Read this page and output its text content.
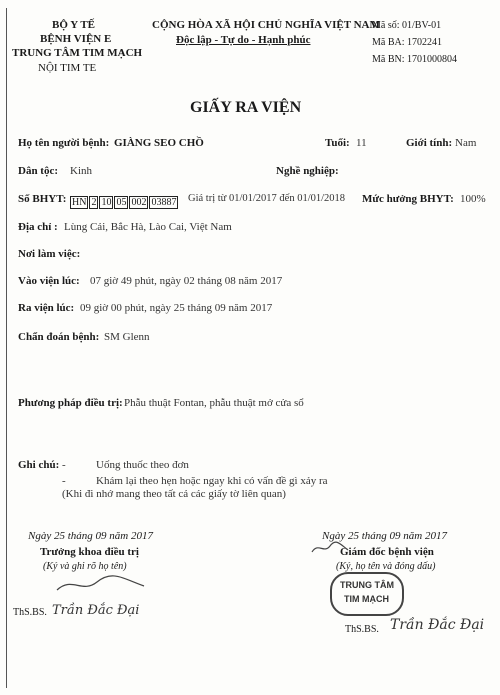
BỘ Y TẾ
BỆNH VIỆN E
TRUNG TÂM TIM MẠCH
NỘI TIM TE
CỘNG HÒA XÃ HỘI CHỦ NGHĨA VIỆT NAM
Độc lập - Tự do - Hạnh phúc
Mã số: 01/BV-01
Mã BA: 1702241
Mã BN: 1701000804
GIẤY RA VIỆN
Họ tên người bệnh: GIÀNG SEO CHỒ	Tuổi: 11	Giới tính: Nam
Dân tộc: Kinh	Nghề nghiệp:
Số BHYT: HN 2 10 05 002 03887 Giá trị từ 01/01/2017 đến 01/01/2018 Mức hưởng BHYT: 100%
Địa chỉ : Lùng Cải, Bắc Hà, Lào Cai, Việt Nam
Nơi làm việc:
Vào viện lúc: 07 giờ 49 phút, ngày 02 tháng 08 năm 2017
Ra viện lúc: 09 giờ 00 phút, ngày 25 tháng 09 năm 2017
Chẩn đoán bệnh: SM Glenn
Phương pháp điều trị: Phẫu thuật Fontan, phẫu thuật mở cửa sổ
Ghi chú: -	Uống thuốc theo đơn
-	Khám lại theo hẹn hoặc ngay khi có vấn đề gì xảy ra
(Khi đi nhớ mang theo tất cả các giấy tờ liên quan)
Ngày 25 tháng 09 năm 2017
Trưởng khoa điều trị
(Ký và ghi rõ họ tên)
ThS.BS. Trần Đắc Đại
Ngày 25 tháng 09 năm 2017
Giám đốc bệnh viện
(Ký, họ tên và đóng dấu)
TRUNG TÂM
TIM MẠCH
ThS.BS. Trần Đắc Đại
